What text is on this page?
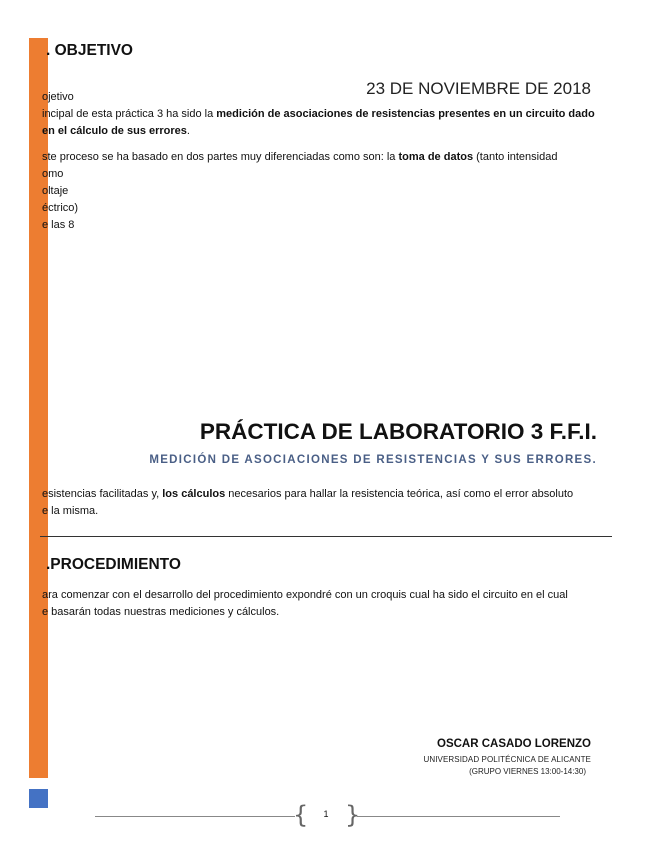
. OBJETIVO
23 DE NOVIEMBRE DE 2018

ojetivo

incipal de esta práctica 3 ha sido la medición de asociaciones de resistencias presentes en un circuito dado

en el cálculo de sus errores.

ste proceso se ha basado en dos partes muy diferenciadas como son: la toma de datos (tanto intensidad

omo

oltaje

éctrico)

e las 8

PRÁCTICA DE LABORATORIO 3 F.F.I.
MEDICIÓN DE ASOCIACIONES DE RESISTENCIAS Y SUS ERRORES.

esistencias facilitadas y, los cálculos necesarios para hallar la resistencia teórica, así como el error absoluto

e la misma.

.PROCEDIMIENTO

ara comenzar con el desarrollo del procedimiento expondré con un croquis cual ha sido el circuito en el cual

e basarán todas nuestras mediciones y cálculos.

OSCAR CASADO LORENZO
UNIVERSIDAD POLITÉCNICA DE ALICANTE
(GRUPO VIERNES 13:00-14:30)
{	1 }
